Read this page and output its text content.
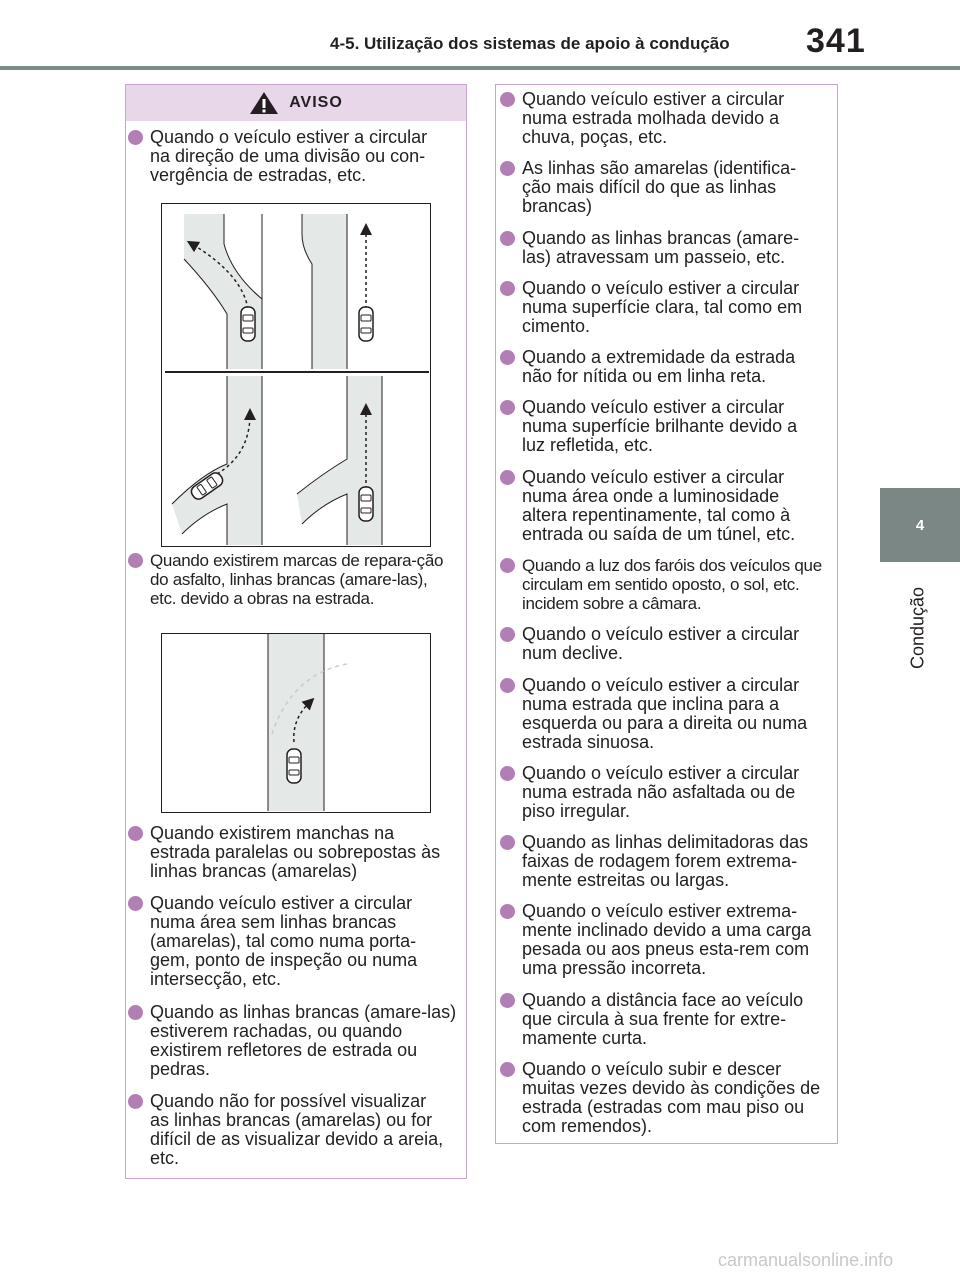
4-5. Utilização dos sistemas de apoio à condução 341
4
Condução
AVISO
Quando o veículo estiver a circular na direção de uma divisão ou con-vergência de estradas, etc.
Quando existirem marcas de repara-ção do asfalto, linhas brancas (amare-las), etc. devido a obras na estrada.
Quando existirem manchas na estrada paralelas ou sobrepostas às linhas brancas (amarelas)
Quando veículo estiver a circular numa área sem linhas brancas (amarelas), tal como numa porta-gem, ponto de inspeção ou numa intersecção, etc.
Quando as linhas brancas (amare-las) estiverem rachadas, ou quando existirem refletores de estrada ou pedras.
Quando não for possível visualizar as linhas brancas (amarelas) ou for difícil de as visualizar devido a areia, etc.
Quando veículo estiver a circular numa estrada molhada devido a chuva, poças, etc.
As linhas são amarelas (identifica-ção mais difícil do que as linhas brancas)
Quando as linhas brancas (amare-las) atravessam um passeio, etc.
Quando o veículo estiver a circular numa superfície clara, tal como em cimento.
Quando a extremidade da estrada não for nítida ou em linha reta.
Quando veículo estiver a circular numa superfície brilhante devido a luz refletida, etc.
Quando veículo estiver a circular numa área onde a luminosidade altera repentinamente, tal como à entrada ou saída de um túnel, etc.
Quando a luz dos faróis dos veículos que circulam em sentido oposto, o sol, etc. incidem sobre a câmara.
Quando o veículo estiver a circular num declive.
Quando o veículo estiver a circular numa estrada que inclina para a esquerda ou para a direita ou numa estrada sinuosa.
Quando o veículo estiver a circular numa estrada não asfaltada ou de piso irregular.
Quando as linhas delimitadoras das faixas de rodagem forem extrema-mente estreitas ou largas.
Quando o veículo estiver extrema-mente inclinado devido a uma carga pesada ou aos pneus esta-rem com uma pressão incorreta.
Quando a distância face ao veículo que circula à sua frente for extre-mamente curta.
Quando o veículo subir e descer muitas vezes devido às condições de estrada (estradas com mau piso ou com remendos).
carmanualsonline.info
